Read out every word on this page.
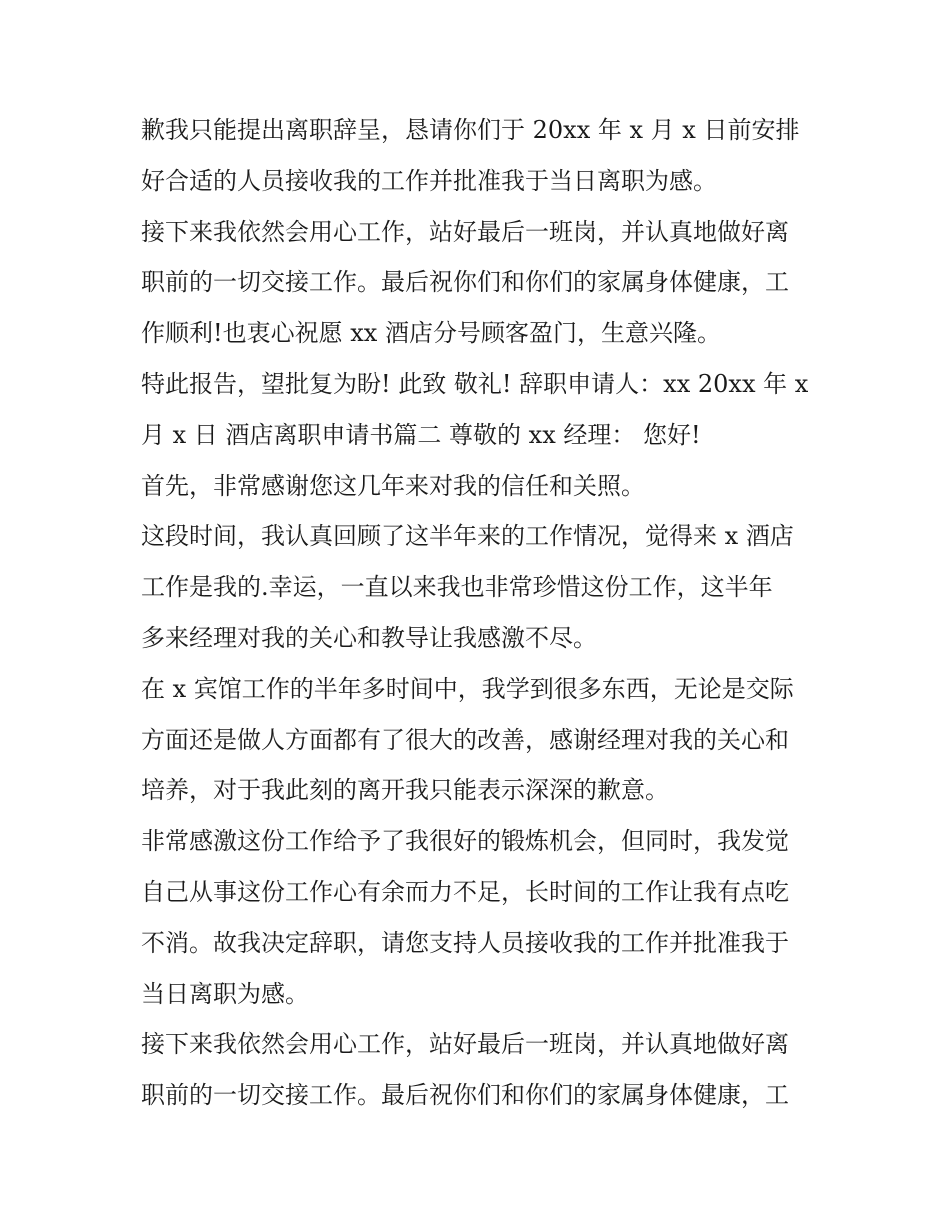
歉我只能提出离职辞呈，恳请你们于 20xx 年 x 月 x 日前安排
好合适的人员接收我的工作并批准我于当日离职为感。
接下来我依然会用心工作，站好最后一班岗，并认真地做好离
职前的一切交接工作。最后祝你们和你们的家属身体健康，工
作顺利!也衷心祝愿 xx 酒店分号顾客盈门，生意兴隆。
特此报告，望批复为盼! 此致 敬礼! 辞职申请人：xx 20xx 年 x
月 x 日 酒店离职申请书篇二 尊敬的 xx 经理： 您好!
首先，非常感谢您这几年来对我的信任和关照。
这段时间，我认真回顾了这半年来的工作情况，觉得来 x 酒店
工作是我的.幸运，一直以来我也非常珍惜这份工作，这半年
多来经理对我的关心和教导让我感激不尽。
在 x 宾馆工作的半年多时间中，我学到很多东西，无论是交际
方面还是做人方面都有了很大的改善，感谢经理对我的关心和
培养，对于我此刻的离开我只能表示深深的歉意。
非常感激这份工作给予了我很好的锻炼机会，但同时，我发觉
自己从事这份工作心有余而力不足，长时间的工作让我有点吃
不消。故我决定辞职，请您支持人员接收我的工作并批准我于
当日离职为感。
接下来我依然会用心工作，站好最后一班岗，并认真地做好离
职前的一切交接工作。最后祝你们和你们的家属身体健康，工
